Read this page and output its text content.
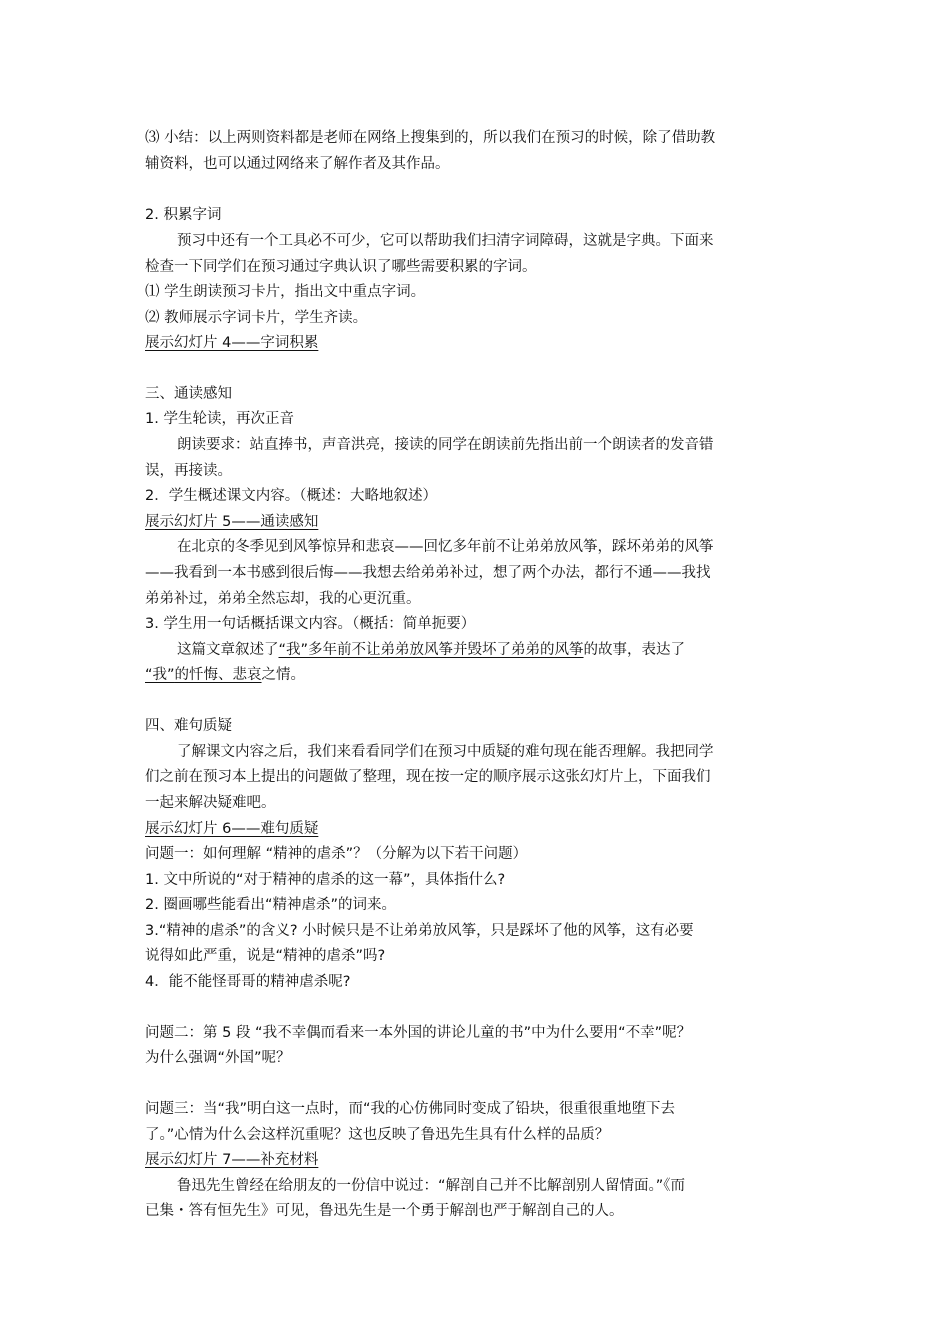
⑶ 小结：以上两则资料都是老师在网络上搜集到的，所以我们在预习的时候，除了借助教
辅资料，也可以通过网络来了解作者及其作品。
2. 积累字词
预习中还有一个工具必不可少，它可以帮助我们扫清字词障碍，这就是字典。下面来
检查一下同学们在预习通过字典认识了哪些需要积累的字词。
⑴ 学生朗读预习卡片，指出文中重点字词。
⑵ 教师展示字词卡片，学生齐读。
展示幻灯片 4——字词积累
三、通读感知
1. 学生轮读，再次正音
朗读要求：站直捧书，声音洪亮，接读的同学在朗读前先指出前一个朗读者的发音错
误，再接读。
2．学生概述课文内容。（概述：大略地叙述）
展示幻灯片 5——通读感知
在北京的冬季见到风筝惊异和悲哀——回忆多年前不让弟弟放风筝，踩坏弟弟的风筝
——我看到一本书感到很后悔——我想去给弟弟补过，想了两个办法，都行不通——我找
弟弟补过，弟弟全然忘却，我的心更沉重。
3. 学生用一句话概括课文内容。（概括：简单扼要）
这篇文章叙述了“我”多年前不让弟弟放风筝并毁坏了弟弟的风筝的故事，表达了
“我”的忏悔、悲哀之情。
四、难句质疑
了解课文内容之后，我们来看看同学们在预习中质疑的难句现在能否理解。我把同学
们之前在预习本上提出的问题做了整理，现在按一定的顺序展示这张幻灯片上，下面我们
一起来解决疑难吧。
展示幻灯片 6——难句质疑
问题一：如何理解 “精神的虐杀”？（分解为以下若干问题）
1. 文中所说的“对于精神的虐杀的这一幕”，具体指什么?
2. 圈画哪些能看出“精神虐杀”的词来。
3.“精神的虐杀”的含义? 小时候只是不让弟弟放风筝，只是踩坏了他的风筝，这有必要
说得如此严重，说是“精神的虐杀”吗?
4．能不能怪哥哥的精神虐杀呢?
问题二：第 5 段 “我不幸偶而看来一本外国的讲论儿童的书”中为什么要用“不幸”呢？
为什么强调“外国”呢？
问题三：当“我”明白这一点时，而“我的心仿佛同时变成了铅块，很重很重地堕下去
了。”心情为什么会这样沉重呢？这也反映了鲁迅先生具有什么样的品质？
展示幻灯片 7——补充材料
鲁迅先生曾经在给朋友的一份信中说过：“解剖自己并不比解剖别人留情面。”《而
已集・答有恒先生》可见，鲁迅先生是一个勇于解剖也严于解剖自己的人。
